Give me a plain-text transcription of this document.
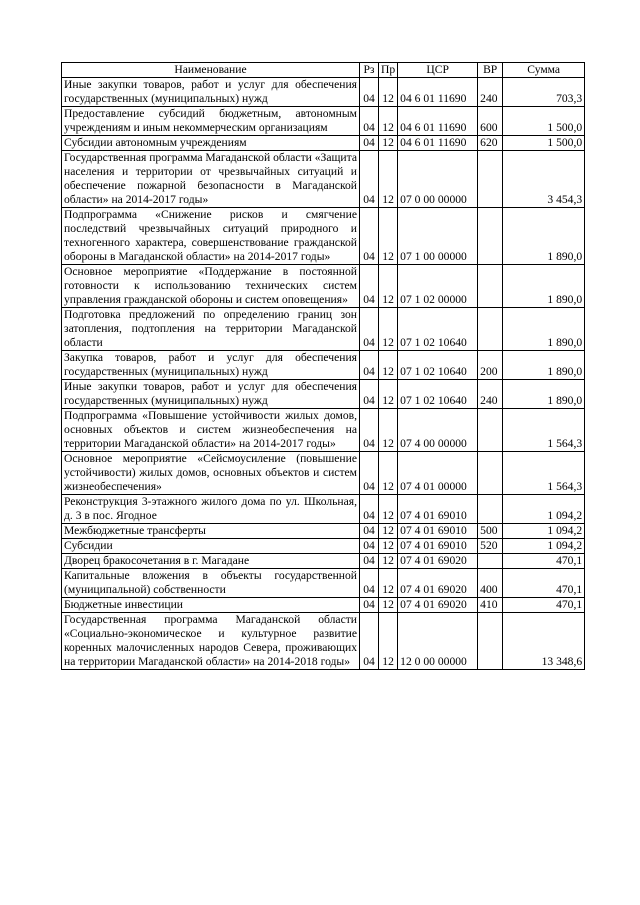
Наименование	Рз	Пр	ЦСР	ВР	Сумма
Иные закупки товаров, работ и услуг для обеспечения государственных (муниципальных) нужд	04	12	04 6 01 11690	240	703,3
Предоставление субсидий бюджетным, автономным учреждениям и иным некоммерческим организациям	04	12	04 6 01 11690	600	1 500,0
Субсидии автономным учреждениям	04	12	04 6 01 11690	620	1 500,0
Государственная программа Магаданской области «Защита населения и территории от чрезвычайных ситуаций и обеспечение пожарной безопасности в Магаданской области» на 2014-2017 годы»	04	12	07 0 00 00000		3 454,3
Подпрограмма «Снижение рисков и смягчение последствий чрезвычайных ситуаций природного и техногенного характера, совершенствование гражданской обороны в Магаданской области» на 2014-2017 годы»	04	12	07 1 00 00000		1 890,0
Основное мероприятие «Поддержание в постоянной готовности к использованию технических систем управления гражданской обороны и систем оповещения»	04	12	07 1 02 00000		1 890,0
Подготовка предложений по определению границ зон затопления, подтопления на территории Магаданской области	04	12	07 1 02 10640		1 890,0
Закупка товаров, работ и услуг для обеспечения государственных (муниципальных) нужд	04	12	07 1 02 10640	200	1 890,0
Иные закупки товаров, работ и услуг для обеспечения государственных (муниципальных) нужд	04	12	07 1 02 10640	240	1 890,0
Подпрограмма «Повышение устойчивости жилых домов, основных объектов и систем жизнеобеспечения на территории Магаданской области» на 2014-2017 годы»	04	12	07 4 00 00000		1 564,3
Основное мероприятие «Сейсмоусиление (повышение устойчивости) жилых домов, основных объектов и систем жизнеобеспечения»	04	12	07 4 01 00000		1 564,3
Реконструкция 3-этажного жилого дома по ул. Школьная, д. 3 в пос. Ягодное	04	12	07 4 01 69010		1 094,2
Межбюджетные трансферты	04	12	07 4 01 69010	500	1 094,2
Субсидии	04	12	07 4 01 69010	520	1 094,2
Дворец бракосочетания в г. Магадане	04	12	07 4 01 69020		470,1
Капитальные вложения в объекты государственной (муниципальной) собственности	04	12	07 4 01 69020	400	470,1
Бюджетные инвестиции	04	12	07 4 01 69020	410	470,1
Государственная программа Магаданской области «Социально-экономическое и культурное развитие коренных малочисленных народов Севера, проживающих на территории Магаданской области» на 2014-2018 годы»	04	12	12 0 00 00000		13 348,6
